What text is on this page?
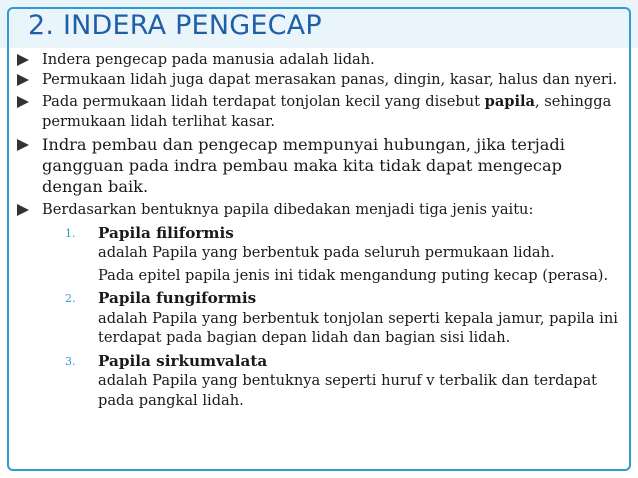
2. INDERA PENGECAP
Indera pengecap pada manusia adalah lidah.
Permukaan lidah juga dapat merasakan panas, dingin, kasar, halus dan nyeri.
Pada permukaan lidah terdapat tonjolan kecil yang disebut papila, sehingga permukaan lidah terlihat kasar.
Indra pembau dan pengecap mempunyai hubungan, jika terjadi gangguan pada indra pembau maka kita tidak dapat mengecap dengan baik.
Berdasarkan bentuknya papila dibedakan menjadi tiga jenis yaitu:
1. Papila filiformis
adalah Papila yang berbentuk pada seluruh permukaan lidah.
Pada epitel papila jenis ini tidak mengandung puting kecap (perasa).
2. Papila fungiformis
adalah Papila yang berbentuk tonjolan seperti kepala jamur, papila ini terdapat pada bagian depan lidah dan bagian sisi lidah.
3. Papila sirkumvalata
adalah Papila yang bentuknya seperti huruf v terbalik dan terdapat pada pangkal lidah.
